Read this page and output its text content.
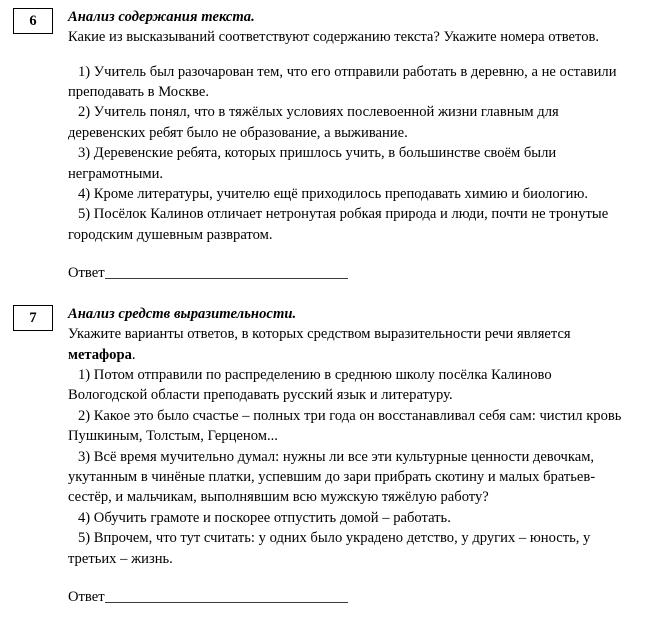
6	Анализ содержания текста.

Какие из высказываний соответствуют содержанию текста? Укажите номера ответов.

1) Учитель был разочарован тем, что его отправили работать в деревню, а не оставили преподавать в Москве.
2) Учитель понял, что в тяжёлых условиях послевоенной жизни главным для деревенских ребят было не образование, а выживание.
3) Деревенские ребята, которых пришлось учить, в большинстве своём были неграмотными.
4) Кроме литературы, учителю ещё приходилось преподавать химию и биологию.
5) Посёлок Калинов отличает нетронутая робкая природа и люди, почти не тронутые городским душевным развратом.
Ответ
7	Анализ средств выразительности.

Укажите варианты ответов, в которых средством выразительности речи является метафора.

1) Потом отправили по распределению в среднюю школу посёлка Калиново Вологодской области преподавать русский язык и литературу.
2) Какое это было счастье – полных три года он восстанавливал себя сам: чистил кровь Пушкиным, Толстым, Герценом...
3) Всё время мучительно думал: нужны ли все эти культурные ценности девочкам, укутанным в чинёные платки, успевшим до зари прибрать скотину и малых братьев-сестёр, и мальчикам, выполнявшим всю мужскую тяжёлую работу?
4) Обучить грамоте и поскорее отпустить домой – работать.
5) Впрочем, что тут считать: у одних было украдено детство, у других – юность, у третьих – жизнь.
Ответ
